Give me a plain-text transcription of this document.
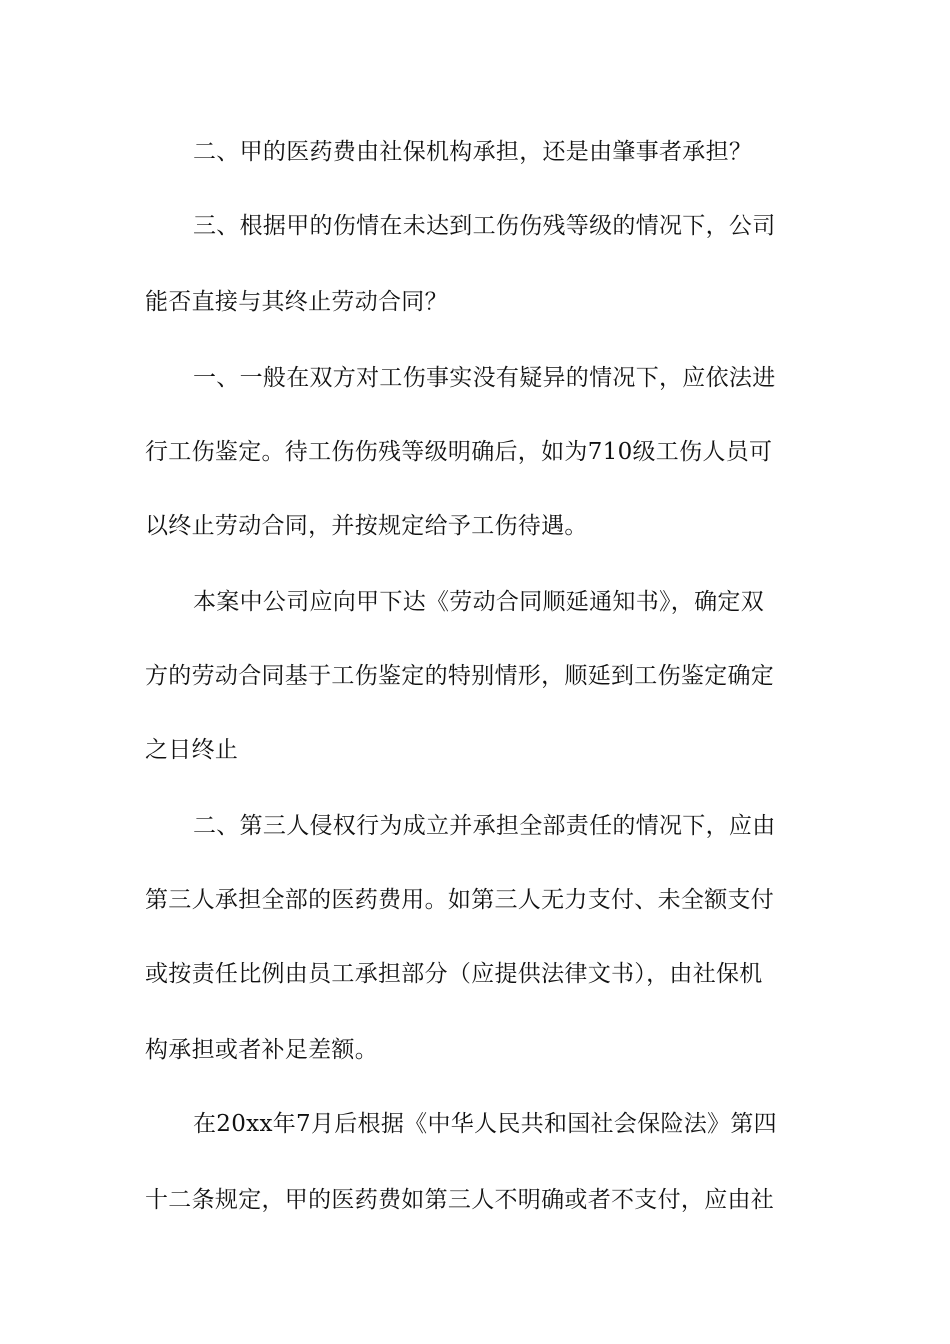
二、甲的医药费由社保机构承担，还是由肇事者承担？
三、根据甲的伤情在未达到工伤伤残等级的情况下，公司
能否直接与其终止劳动合同？
一、一般在双方对工伤事实没有疑异的情况下，应依法进
行工伤鉴定。待工伤伤残等级明确后，如为710级工伤人员可
以终止劳动合同，并按规定给予工伤待遇。
本案中公司应向甲下达《劳动合同顺延通知书》，确定双
方的劳动合同基于工伤鉴定的特别情形，顺延到工伤鉴定确定
之日终止
二、第三人侵权行为成立并承担全部责任的情况下，应由
第三人承担全部的医药费用。如第三人无力支付、未全额支付
或按责任比例由员工承担部分（应提供法律文书），由社保机
构承担或者补足差额。
在20xx年7月后根据《中华人民共和国社会保险法》第四
十二条规定，甲的医药费如第三人不明确或者不支付，应由社
